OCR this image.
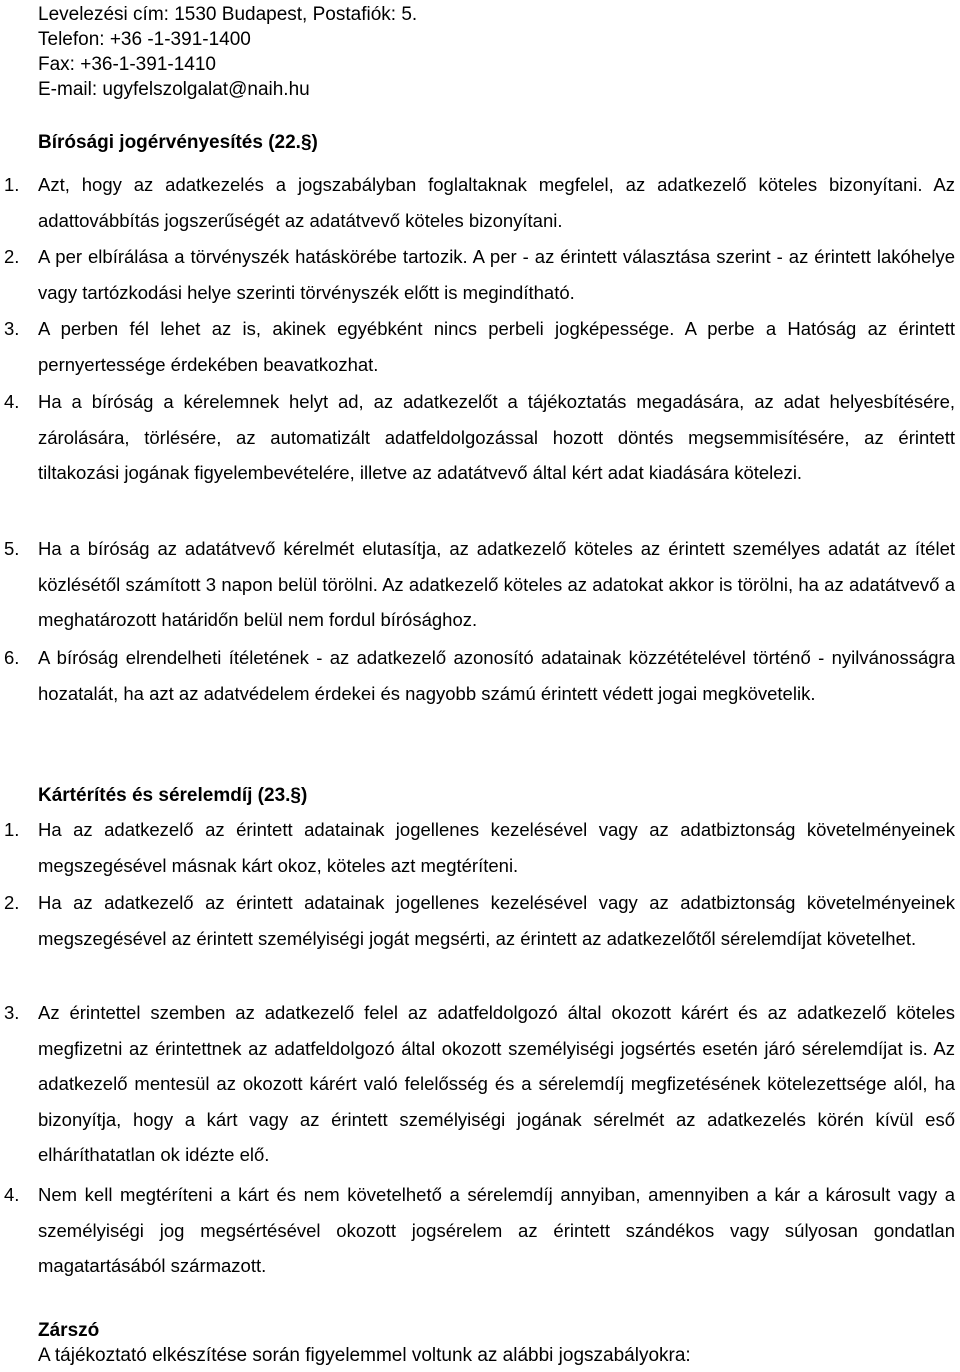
Levelezési cím: 1530 Budapest, Postafiók: 5.
Telefon: +36 -1-391-1400
Fax: +36-1-391-1410
E-mail: ugyfelszolgalat@naih.hu
Bírósági jogérvényesítés (22.§)
1. Azt, hogy az adatkezelés a jogszabályban foglaltaknak megfelel, az adatkezelő köteles bizonyítani. Az adattovábbítás jogszerűségét az adatátvevő köteles bizonyítani.
2. A per elbírálása a törvényszék hatáskörébe tartozik. A per - az érintett választása szerint - az érintett lakóhelye vagy tartózkodási helye szerinti törvényszék előtt is megindítható.
3. A perben fél lehet az is, akinek egyébként nincs perbeli jogképessége. A perbe a Hatóság az érintett pernyertessége érdekében beavatkozhat.
4. Ha a bíróság a kérelemnek helyt ad, az adatkezelőt a tájékoztatás megadására, az adat helyesbítésére, zárolására, törlésére, az automatizált adatfeldolgozással hozott döntés megsemmisítésére, az érintett tiltakozási jogának figyelembevételére, illetve az adatátvevő által kért adat kiadására kötelezi.
5. Ha a bíróság az adatátvevő kérelmét elutasítja, az adatkezelő köteles az érintett személyes adatát az ítélet közlésétől számított 3 napon belül törölni. Az adatkezelő köteles az adatokat akkor is törölni, ha az adatátvevő a meghatározott határidőn belül nem fordul bírósághoz.
6. A bíróság elrendelheti ítéletének - az adatkezelő azonosító adatainak közzétételével történő - nyilvánosságra hozatalát, ha azt az adatvédelem érdekei és nagyobb számú érintett védett jogai megkövetelik.
Kártérítés és sérelemdíj (23.§)
1. Ha az adatkezelő az érintett adatainak jogellenes kezelésével vagy az adatbiztonság követelményeinek megszegésével másnak kárt okoz, köteles azt megtéríteni.
2. Ha az adatkezelő az érintett adatainak jogellenes kezelésével vagy az adatbiztonság követelményeinek megszegésével az érintett személyiségi jogát megsérti, az érintett az adatkezelőtől sérelemdíjat követelhet.
3. Az érintettel szemben az adatkezelő felel az adatfeldolgozó által okozott kárért és az adatkezelő köteles megfizetni az érintettnek az adatfeldolgozó által okozott személyiségi jogsértés esetén járó sérelemdíjat is. Az adatkezelő mentesül az okozott kárért való felelősség és a sérelemdíj megfizetésének kötelezettsége alól, ha bizonyítja, hogy a kárt vagy az érintett személyiségi jogának sérelmét az adatkezelés körén kívül eső elháríthatatlan ok idézte elő.
4. Nem kell megtéríteni a kárt és nem követelhető a sérelemdíj annyiban, amennyiben a kár a károsult vagy a személyiségi jog megsértésével okozott jogsérelem az érintett szándékos vagy súlyosan gondatlan magatartásából származott.
Zárszó
A tájékoztató elkészítése során figyelemmel voltunk az alábbi jogszabályokra:
